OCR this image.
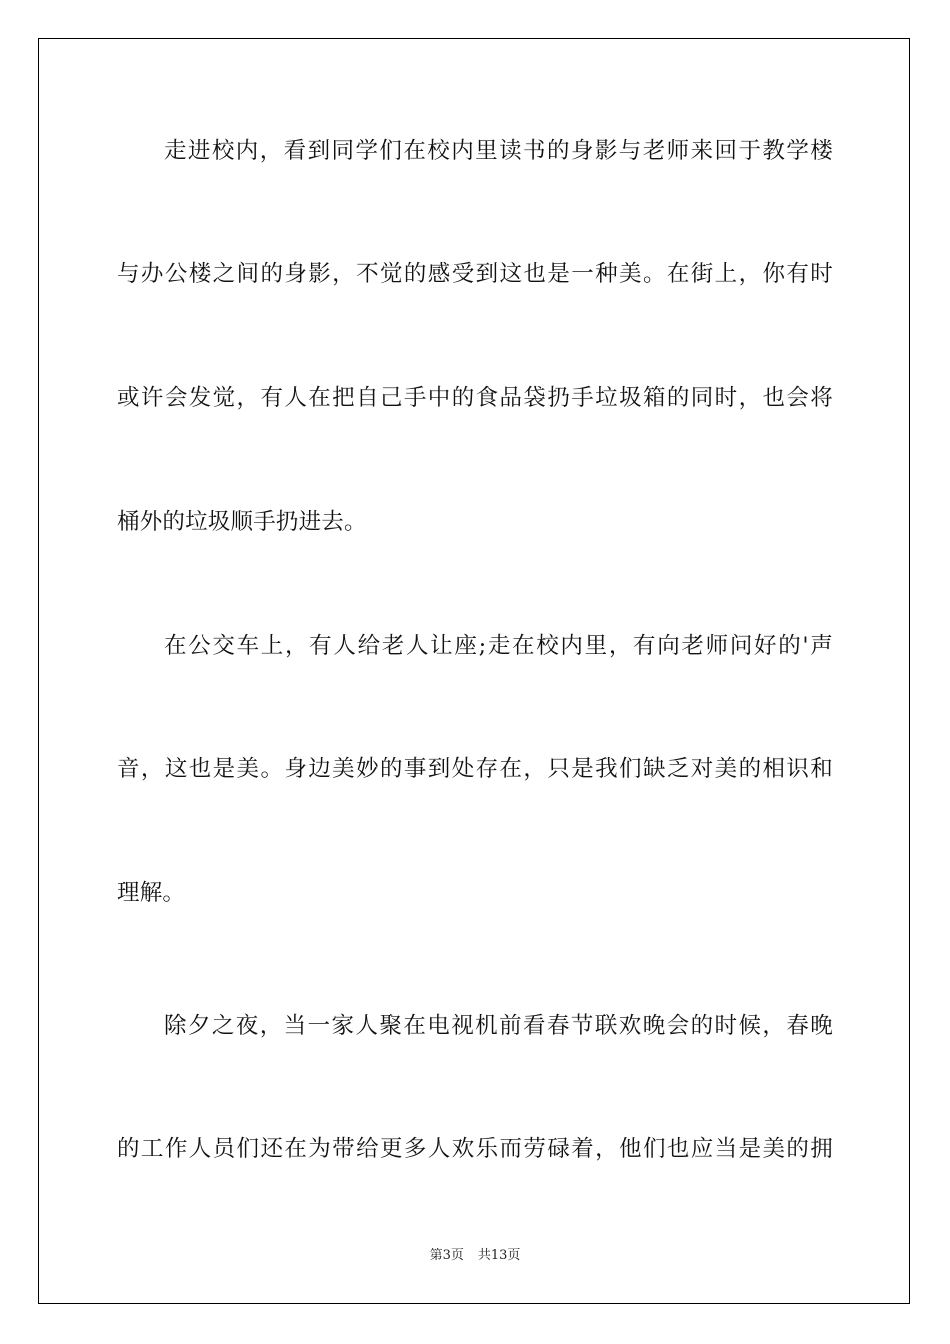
走进校内，看到同学们在校内里读书的身影与老师来回于教学楼
与办公楼之间的身影，不觉的感受到这也是一种美。在街上，你有时
或许会发觉，有人在把自己手中的食品袋扔手垃圾箱的同时，也会将
桶外的垃圾顺手扔进去。
在公交车上，有人给老人让座;走在校内里，有向老师问好的'声
音，这也是美。身边美妙的事到处存在，只是我们缺乏对美的相识和
理解。
除夕之夜，当一家人聚在电视机前看春节联欢晚会的时候，春晚
的工作人员们还在为带给更多人欢乐而劳碌着，他们也应当是美的拥
第3页 共13页
